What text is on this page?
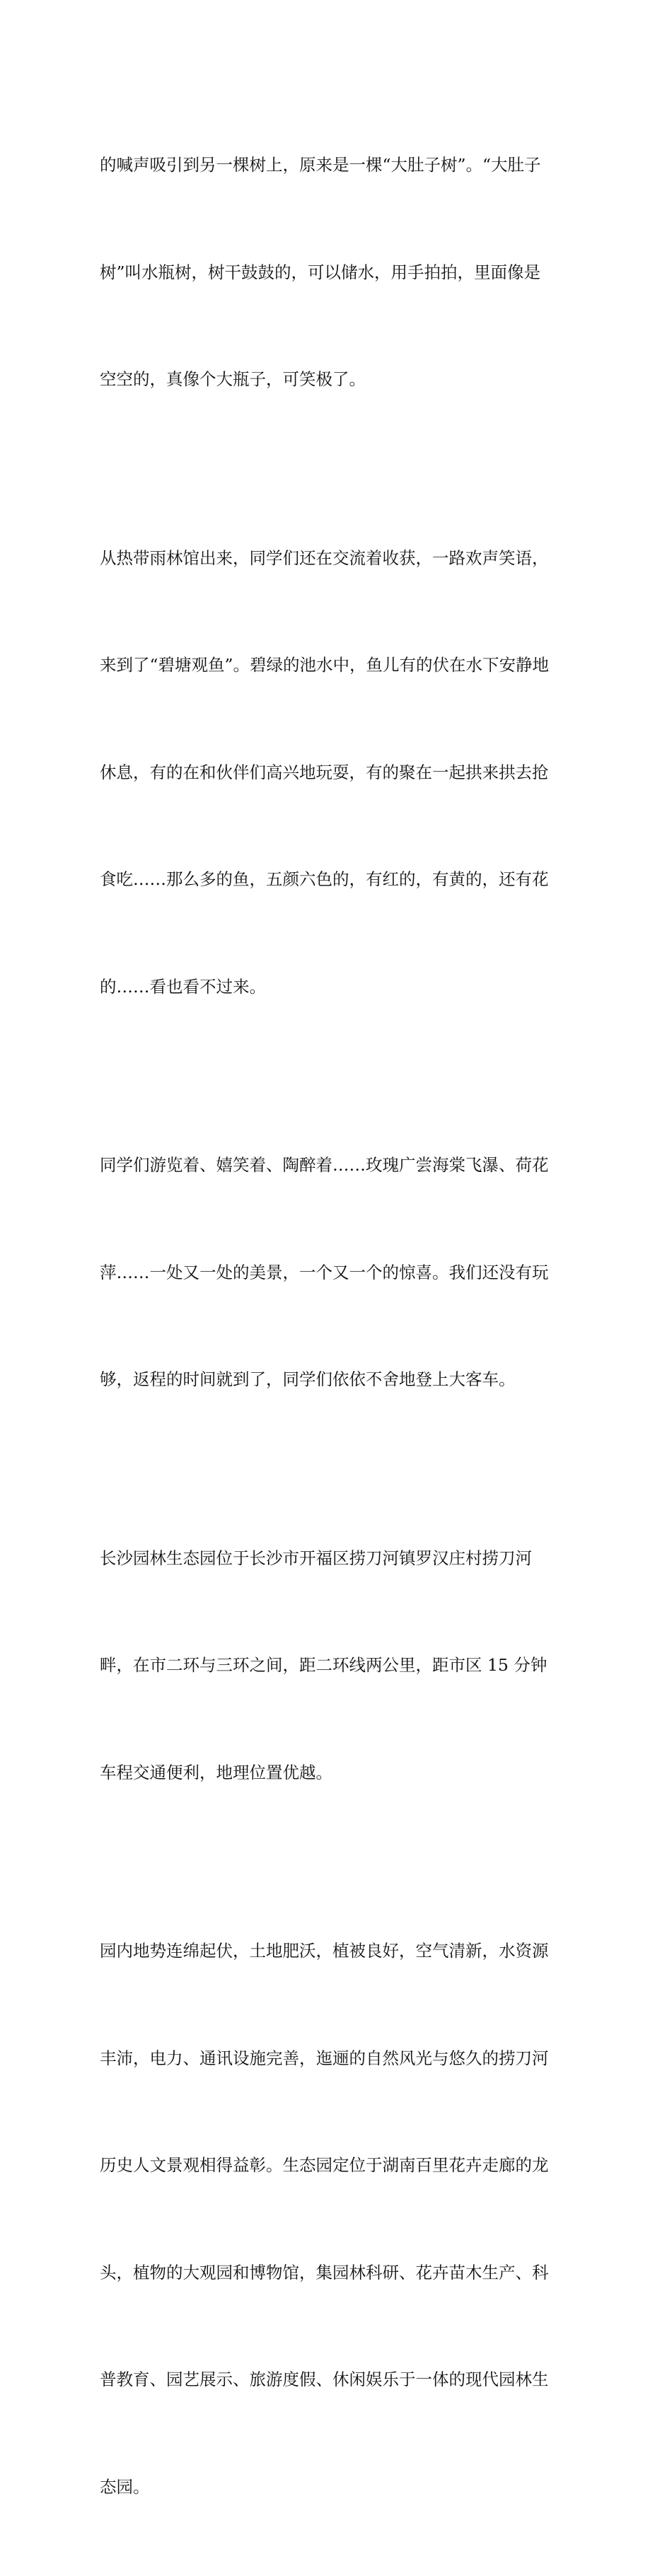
的喊声吸引到另一棵树上，原来是一棵“大肚子树”。“大肚子

树”叫水瓶树，树干鼓鼓的，可以储水，用手拍拍，里面像是

空空的，真像个大瓶子，可笑极了。

从热带雨林馆出来，同学们还在交流着收获，一路欢声笑语，

来到了“碧塘观鱼”。碧绿的池水中，鱼儿有的伏在水下安静地

休息，有的在和伙伴们高兴地玩耍，有的聚在一起拱来拱去抢

食吃……那么多的鱼，五颜六色的，有红的，有黄的，还有花

的……看也看不过来。

同学们游览着、嬉笑着、陶醉着……玫瑰广尝海棠飞瀑、荷花

萍……一处又一处的美景，一个又一个的惊喜。我们还没有玩

够，返程的时间就到了，同学们依依不舍地登上大客车。

长沙园林生态园位于长沙市开福区捞刀河镇罗汉庄村捞刀河

畔，在市二环与三环之间，距二环线两公里，距市区 15 分钟

车程交通便利，地理位置优越。

园内地势连绵起伏，土地肥沃，植被良好，空气清新，水资源

丰沛，电力、通讯设施完善，迤逦的自然风光与悠久的捞刀河

历史人文景观相得益彰。生态园定位于湖南百里花卉走廊的龙

头，植物的大观园和博物馆，集园林科研、花卉苗木生产、科

普教育、园艺展示、旅游度假、休闲娱乐于一体的现代园林生

态园。
